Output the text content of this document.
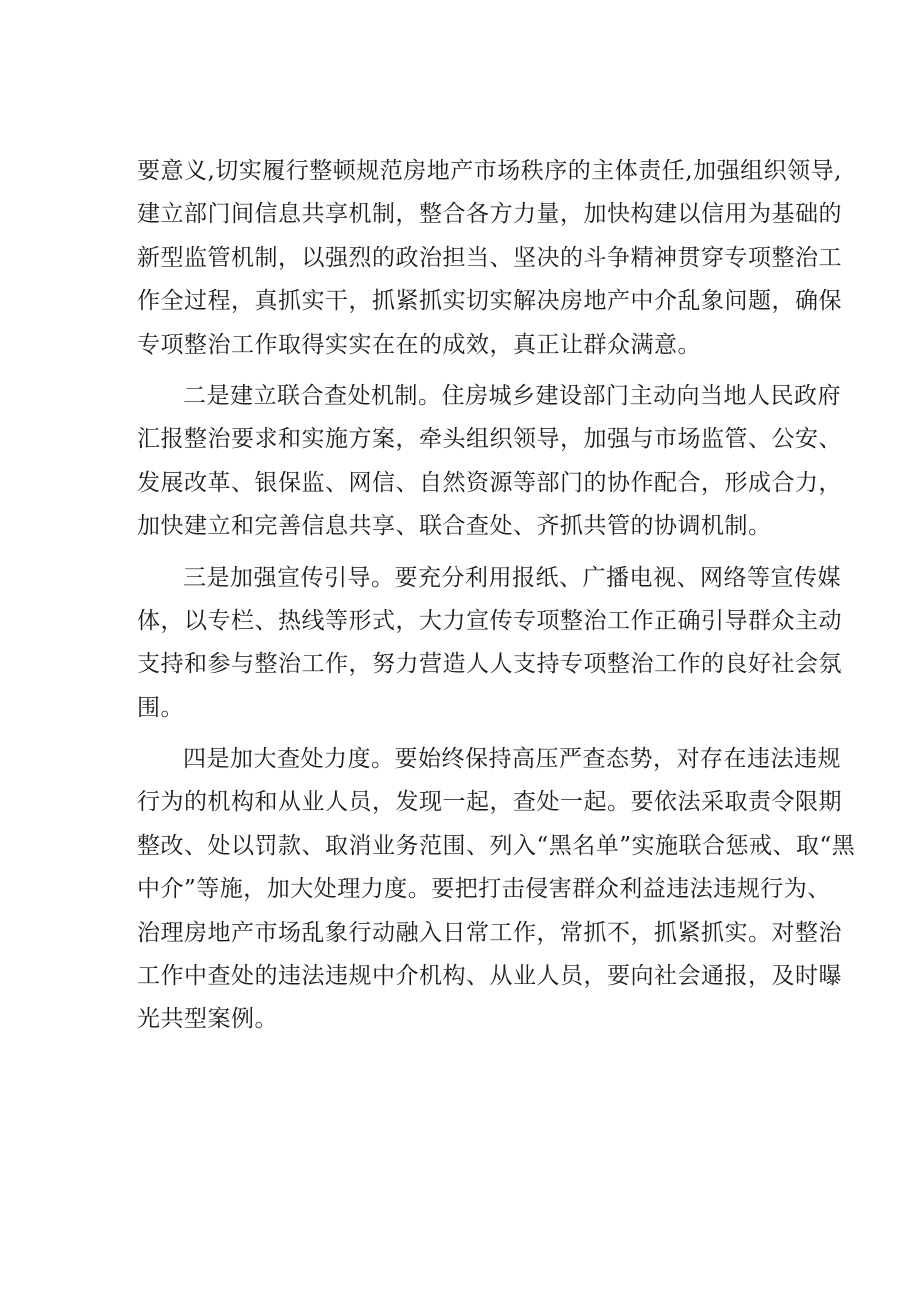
要意义,切实履行整顿规范房地产市场秩序的主体责任,加强组织领导,
建立部门间信息共享机制，整合各方力量，加快构建以信用为基础的
新型监管机制，以强烈的政治担当、坚决的斗争精神贯穿专项整治工
作全过程，真抓实干，抓紧抓实切实解决房地产中介乱象问题，确保
专项整治工作取得实实在在的成效，真正让群众满意。
二是建立联合查处机制。住房城乡建设部门主动向当地人民政府
汇报整治要求和实施方案，牵头组织领导，加强与市场监管、公安、
发展改革、银保监、网信、自然资源等部门的协作配合，形成合力，
加快建立和完善信息共享、联合查处、齐抓共管的协调机制。
三是加强宣传引导。要充分利用报纸、广播电视、网络等宣传媒
体，以专栏、热线等形式，大力宣传专项整治工作正确引导群众主动
支持和参与整治工作，努力营造人人支持专项整治工作的良好社会氛
围。
四是加大查处力度。要始终保持高压严查态势，对存在违法违规
行为的机构和从业人员，发现一起，查处一起。要依法采取责令限期
整改、处以罚款、取消业务范围、列入“黑名单”实施联合惩戒、取“黑
中介”等施，加大处理力度。要把打击侵害群众利益违法违规行为、
治理房地产市场乱象行动融入日常工作，常抓不，抓紧抓实。对整治
工作中查处的违法违规中介机构、从业人员，要向社会通报，及时曝
光共型案例。
